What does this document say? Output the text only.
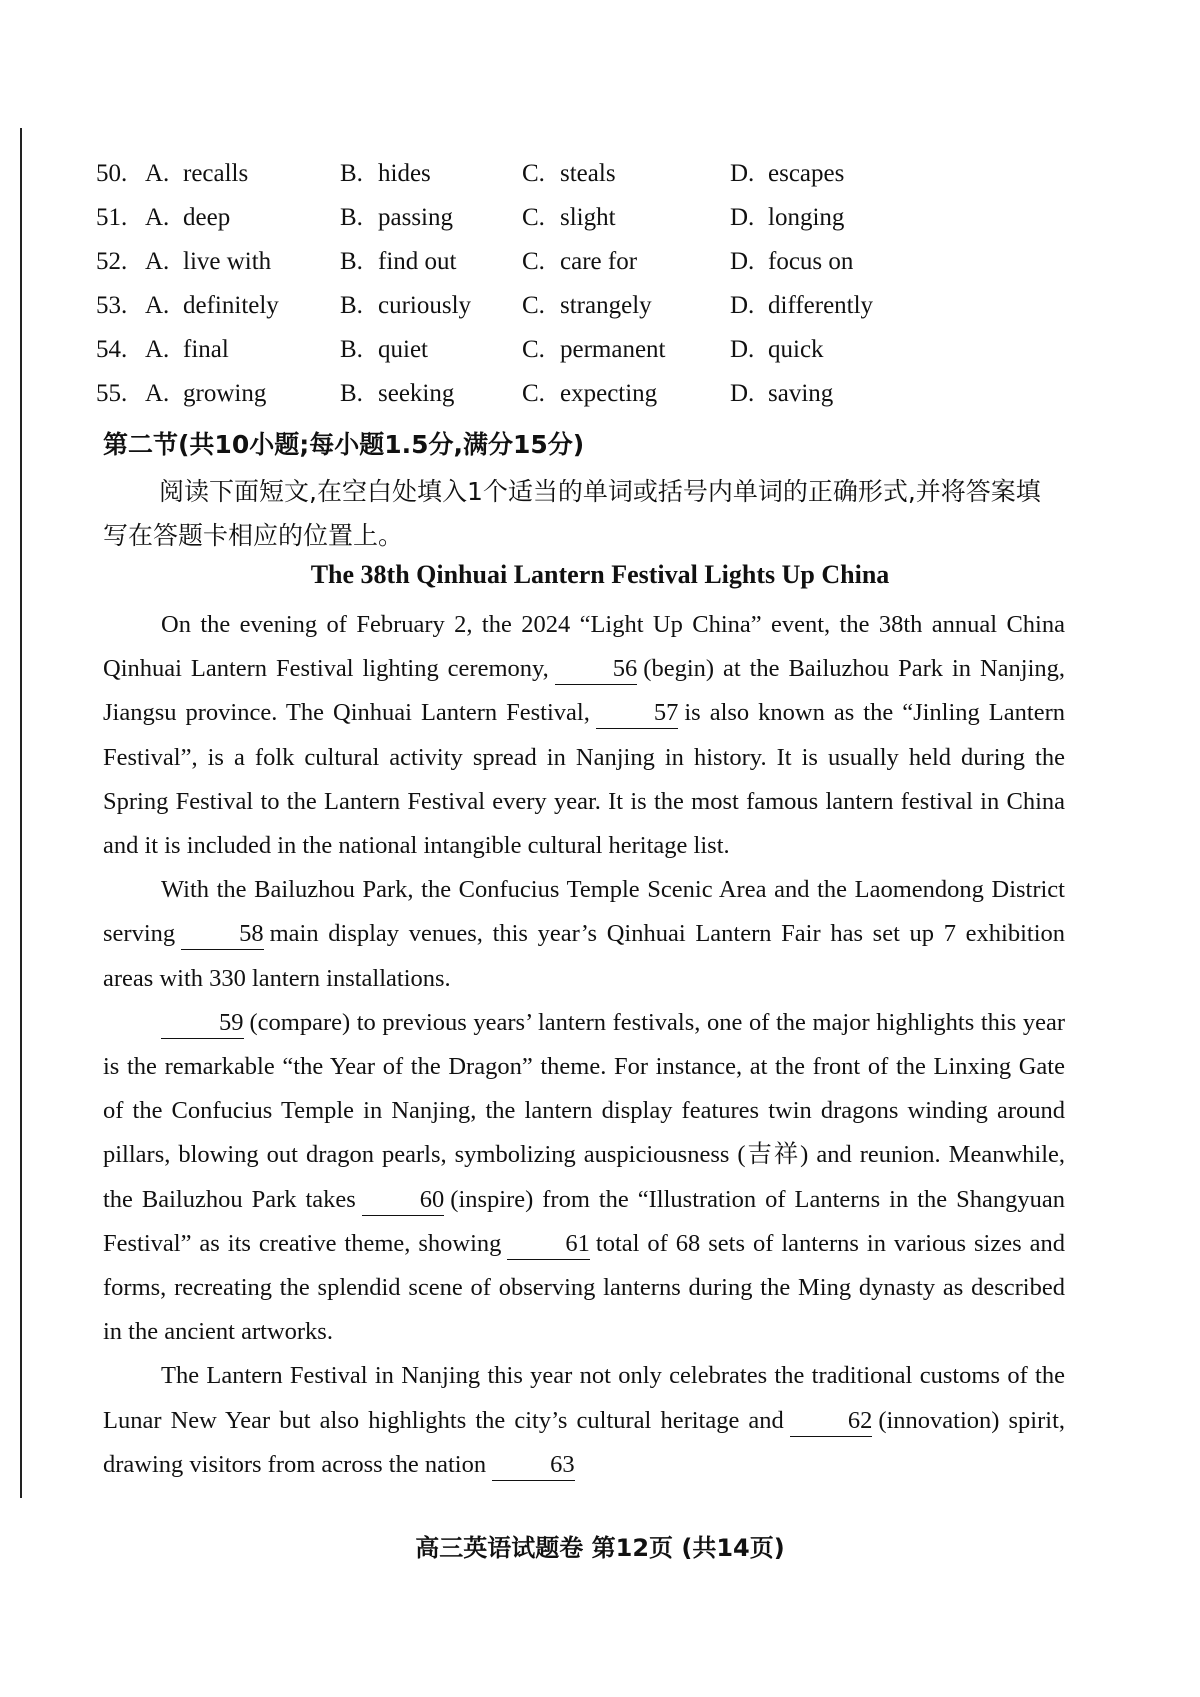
50. A. recalls	B. hides	C. steals	D. escapes
51. A. deep	B. passing	C. slight	D. longing
52. A. live with	B. find out	C. care for	D. focus on
53. A. definitely B. curiously C. strangely	D. differently
54. A. final	B. quiet	C. permanent	D. quick
55. A. growing	B. seeking	C. expecting	D. saving
第二节(共10小题;每小题1.5分,满分15分)
阅读下面短文,在空白处填入1个适当的单词或括号内单词的正确形式,并将答案填写在答题卡相应的位置上。
The 38th Qinhuai Lantern Festival Lights Up China

On the evening of February 2, the 2024 “Light Up China” event, the 38th annual China Qinhuai Lantern Festival lighting ceremony,	56 (begin) at the Bailuzhou Park in Nanjing, Jiangsu province. The Qinhuai Lantern Festival,	57 is also known as the “Jinling Lantern Festival”, is a folk cultural activity spread in Nanjing in history. It is usually held during the Spring Festival to the Lantern Festival every year. It is the most famous lantern festival in China and it is included in the national intangible cultural heritage list.

With the Bailuzhou Park, the Confucius Temple Scenic Area and the Laomendong District serving	58 main display venues, this year’s Qinhuai Lantern Fair has set up 7 exhibition areas with 330 lantern installations.

59 (compare) to previous years’ lantern festivals, one of the major highlights this year is the remarkable “the Year of the Dragon” theme. For instance, at the front of the Linxing Gate of the Confucius Temple in Nanjing, the lantern display features twin dragons winding around pillars, blowing out dragon pearls, symbolizing auspiciousness (吉祥) and reunion. Meanwhile, the Bailuzhou Park takes	60 (inspire) from the “Illustration of Lanterns in the Shangyuan Festival” as its creative theme, showing	61 total of 68 sets of lanterns in various sizes and forms, recreating the splendid scene of observing lanterns during the Ming dynasty as described in the ancient artworks.

The Lantern Festival in Nanjing this year not only celebrates the traditional customs of the Lunar New Year but also highlights the city’s cultural heritage and	62 (innovation) spirit, drawing visitors from across the nation	63

高三英语试题卷 第12页 (共14页)
